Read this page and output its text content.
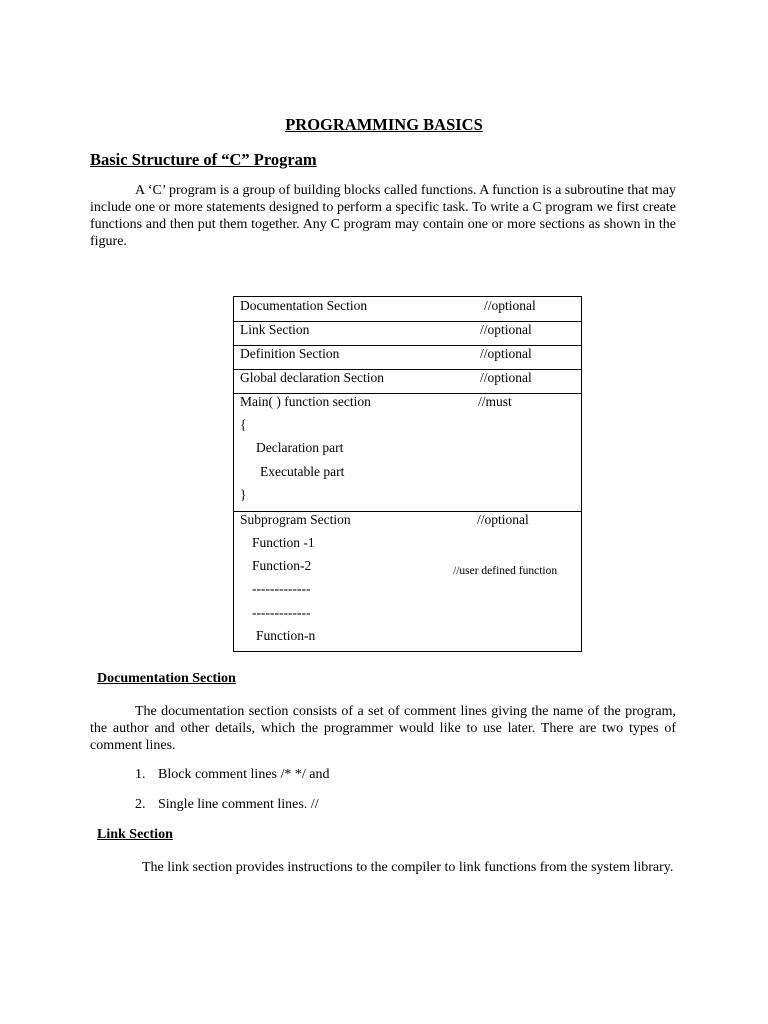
PROGRAMMING BASICS
Basic Structure of “C” Program
A ‘C’ program is a group of building blocks called functions. A function is a subroutine that may include one or more statements designed to perform a specific task. To write a C program we first create functions and then put them together. Any C program may contain one or more sections as shown in the figure.
Documentation Section	//optional
Link Section	//optional
Definition Section	//optional
Global declaration Section	//optional
Main( ) function section	//must
{
Declaration part
Executable part
}
Subprogram Section	//optional
Function -1
Function-2	//user defined function
-------------
-------------
Function-n
Documentation Section
The documentation section consists of a set of comment lines giving the name of the program, the author and other details, which the programmer would like to use later. There are two types of comment lines.
1. Block comment lines /* */ and
2. Single line comment lines. //
Link Section
The link section provides instructions to the compiler to link functions from the system library.
